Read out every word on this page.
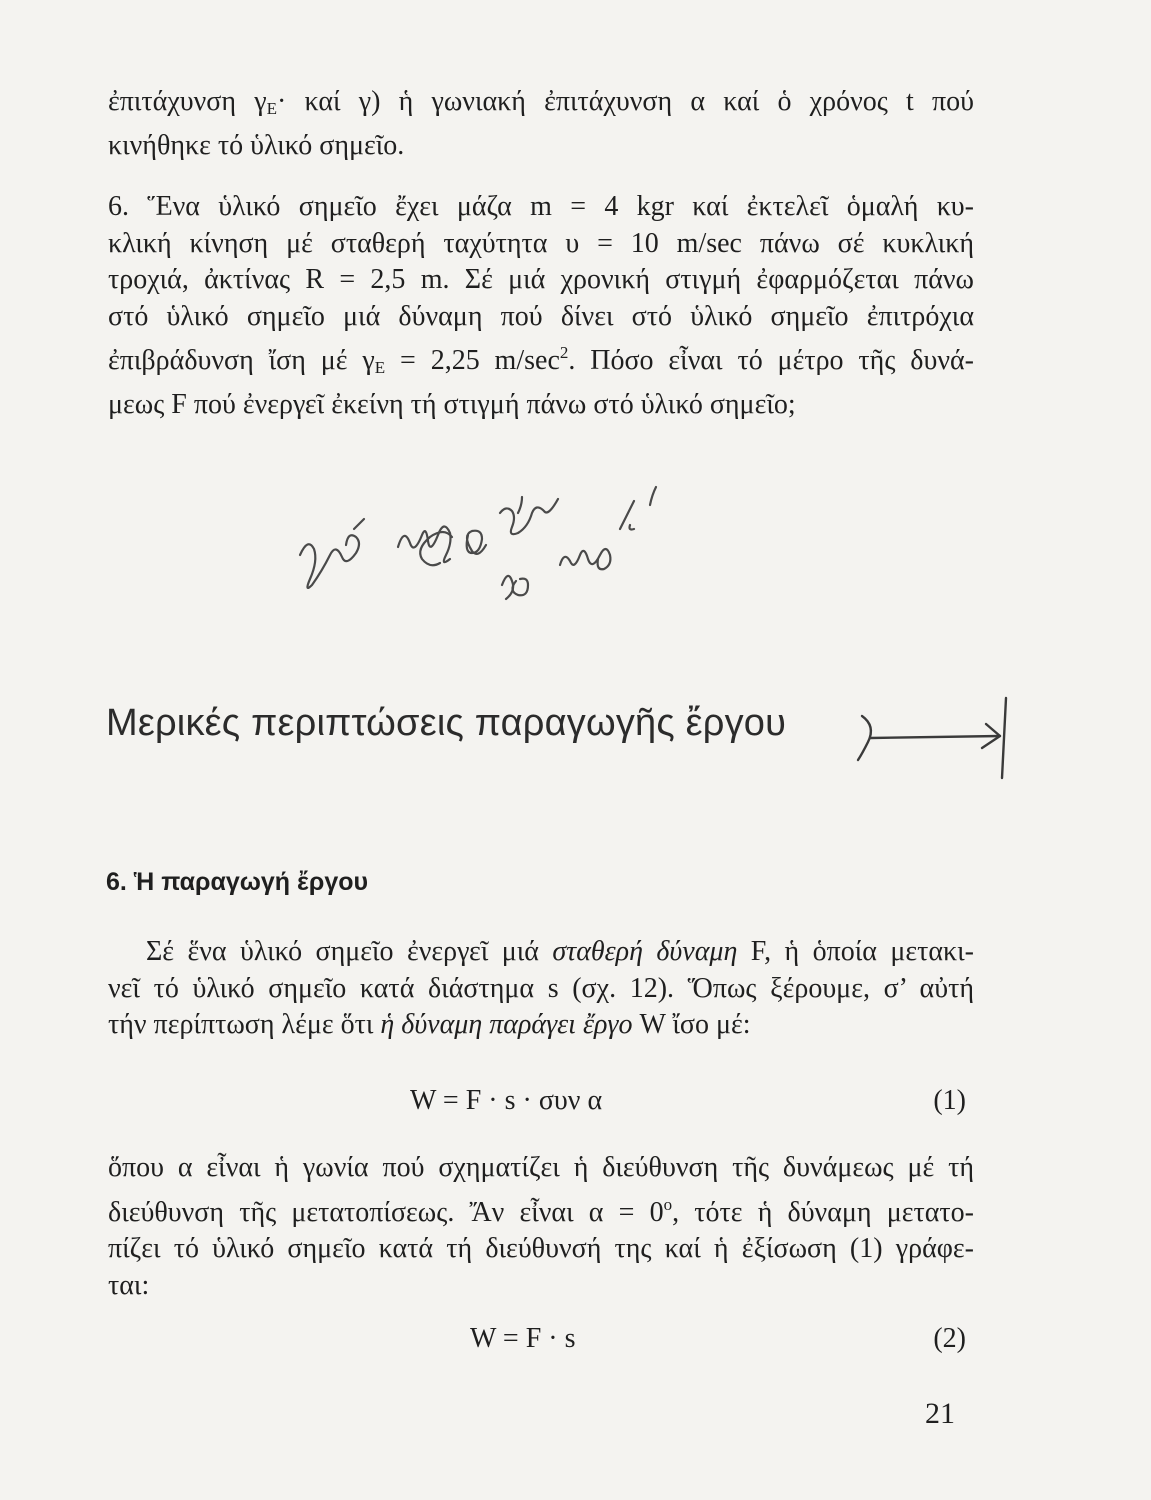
ἐπιτάχυνση $\gamma_E\cdot \kappa\alpha ί$ γ) ἡ γωνιακή ἐπιτάχυνση α καί ὁ χρόνος t πού
κινήθηκε τό ὑλικό σημεῖο.
6. Ἕνα ὑλικό σημεῖο ἔχει μάζα m = 4 kgr καί ἐκτελεῖ ὁμαλή κυ-
κλική κίνηση μέ σταθερή ταχύτητα υ = 10 m/sec πάνω σέ κυκλική
τροχιά, ἀκτίνας R = 2,5 m. Σέ μιά χρονική στιγμή ἐφαρμόζεται πάνω
στό ὑλικό σημεῖο μιά δύναμη πού δίνει στό ὑλικό σημεῖο ἐπιτρόχια
ἐπιβράδυνση ἴση μέ $\gamma_E = 2,25$ $m/\sec^2$. Πόσο εἶναι τό μέτρο τῆς δυνά-
μεως F πού ἐνεργεῖ ἐκείνη τή στιγμή πάνω στό ὑλικό σημεῖο;
Μερικές περιπτώσεις παραγωγῆς ἔργου
6. Ἡ παραγωγή ἔργου
Σέ ἕνα ὑλικό σημεῖο ἐνεργεῖ μιά σταθερή δύναμη F, ἡ ὁποία μετακι-
νεῖ τό ὑλικό σημεῖο κατά διάστημα s (σχ. 12). Ὅπως ξέρουμε, σ’ αὐτή
τήν περίπτωση λέμε ὅτι ἡ δύναμη παράγει ἔργο W ἴσο μέ:
W = F · s · συν α	(1)
ὅπου α εἶναι ἡ γωνία πού σχηματίζει ἡ διεύθυνση τῆς δυνάμεως μέ τή
διεύθυνση τῆς μετατοπίσεως. Ἄν εἶναι $\alpha = 0^o$, τότε ἡ δύναμη μετατο-
πίζει τό ὑλικό σημεῖο κατά τή διεύθυνσή της καί ἡ ἐξίσωση (1) γράφε-
ται:
W = F · s	(2)
21
